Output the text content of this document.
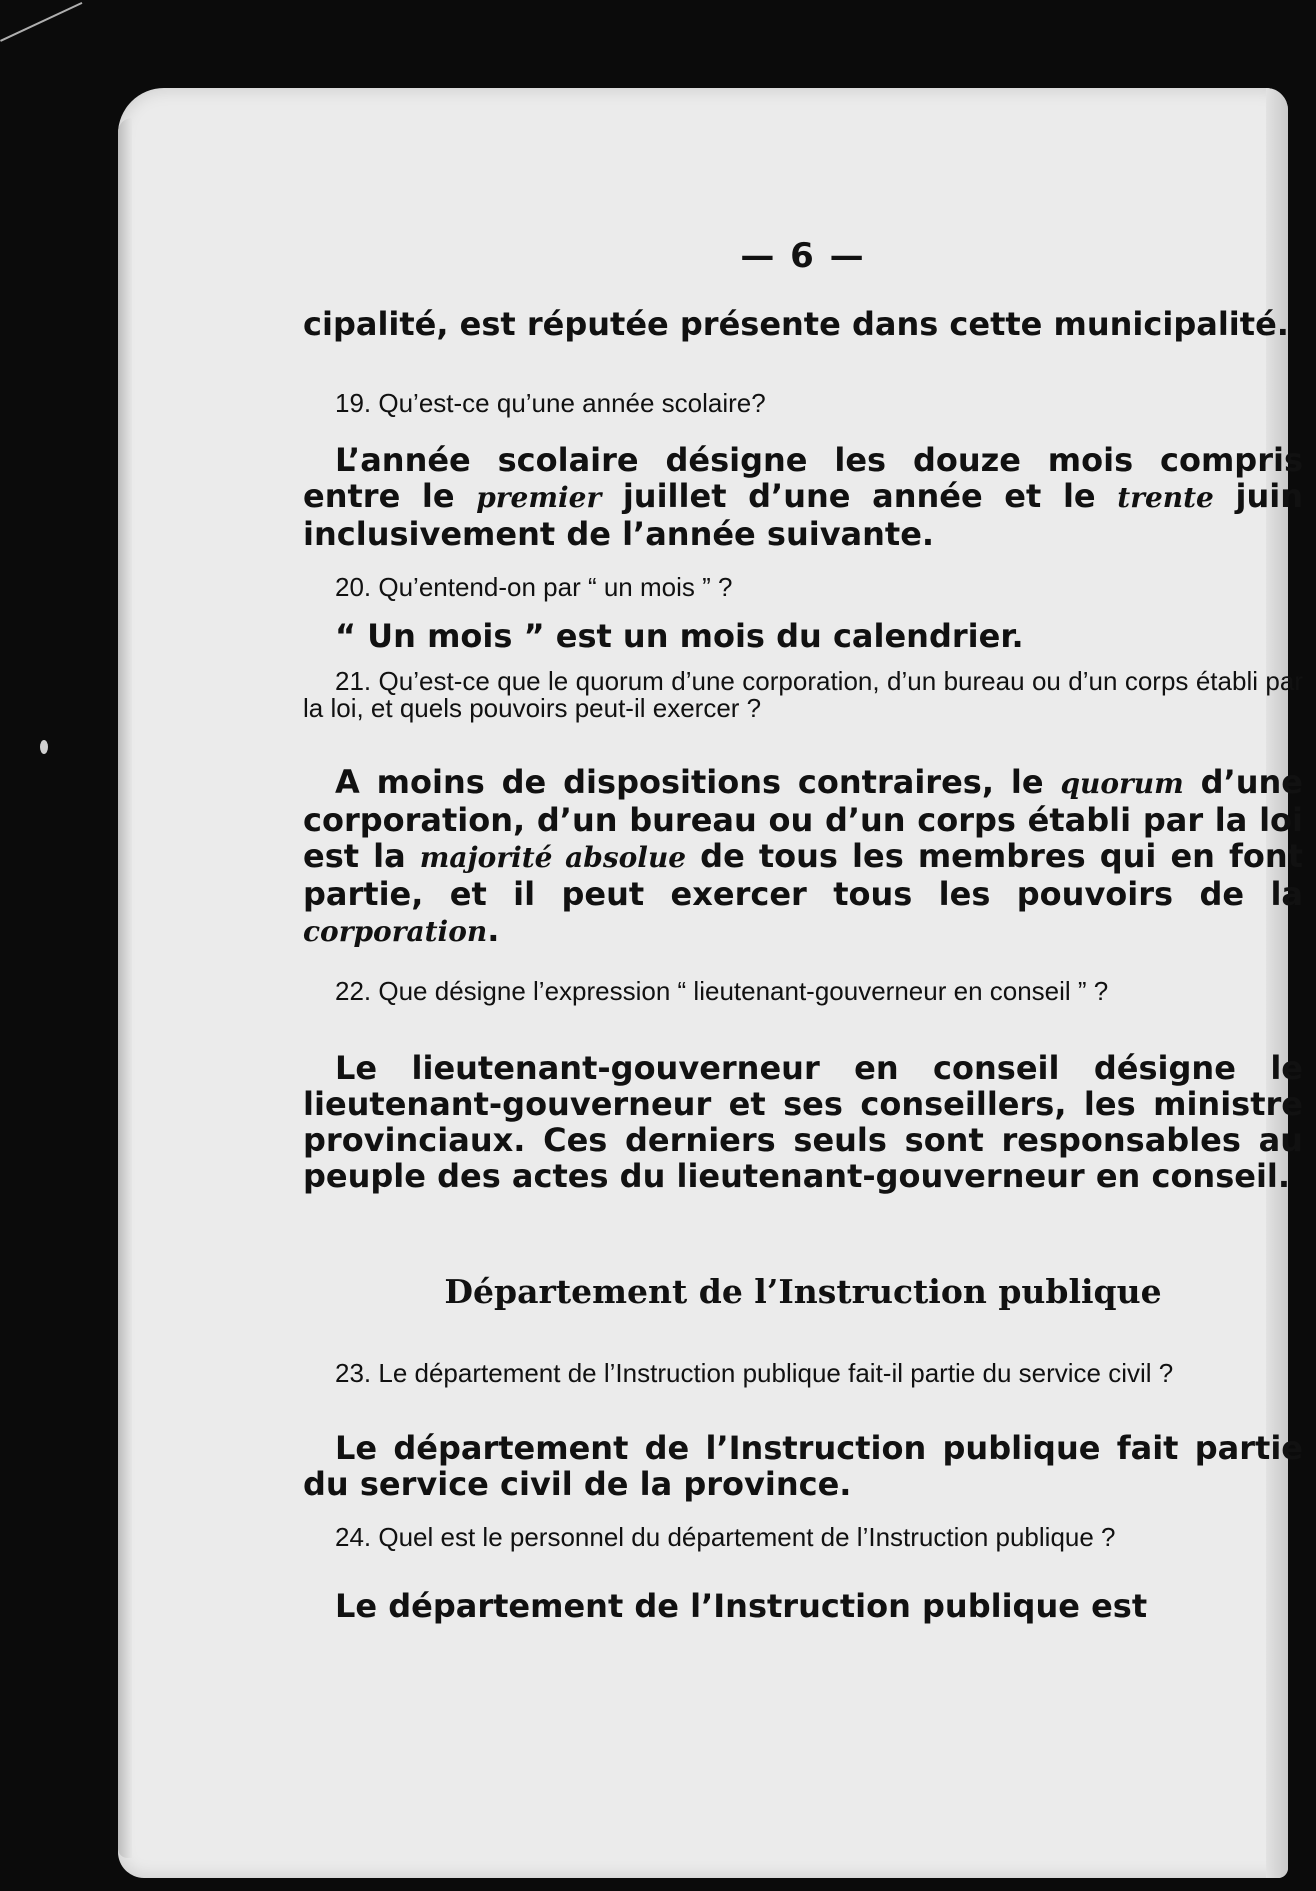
— 6 —

cipalité, est réputée présente dans cette municipalité.

19. Qu’est-ce qu’une année scolaire?

L’année scolaire désigne les douze mois compris entre le premier juillet d’une année et le trente juin inclusivement de l’année suivante.

20. Qu’entend-on par “ un mois ” ?

“ Un mois ” est un mois du calendrier.

21. Qu’est-ce que le quorum d’une corporation, d’un bureau ou d’un corps établi par la loi, et quels pouvoirs peut-il exercer ?

A moins de dispositions contraires, le quorum d’une corporation, d’un bureau ou d’un corps établi par la loi est la majorité absolue de tous les membres qui en font partie, et il peut exercer tous les pouvoirs de la corporation.

22. Que désigne l’expression “ lieutenant-gouverneur en conseil ” ?

Le lieutenant-gouverneur en conseil désigne le lieutenant-gouverneur et ses conseillers, les ministre provinciaux. Ces derniers seuls sont responsables au peuple des actes du lieutenant-gouverneur en conseil.

Département de l’Instruction publique

23. Le département de l’Instruction publique fait-il partie du service civil ?

Le département de l’Instruction publique fait partie du service civil de la province.

24. Quel est le personnel du département de l’Instruction publique ?

Le département de l’Instruction publique est
